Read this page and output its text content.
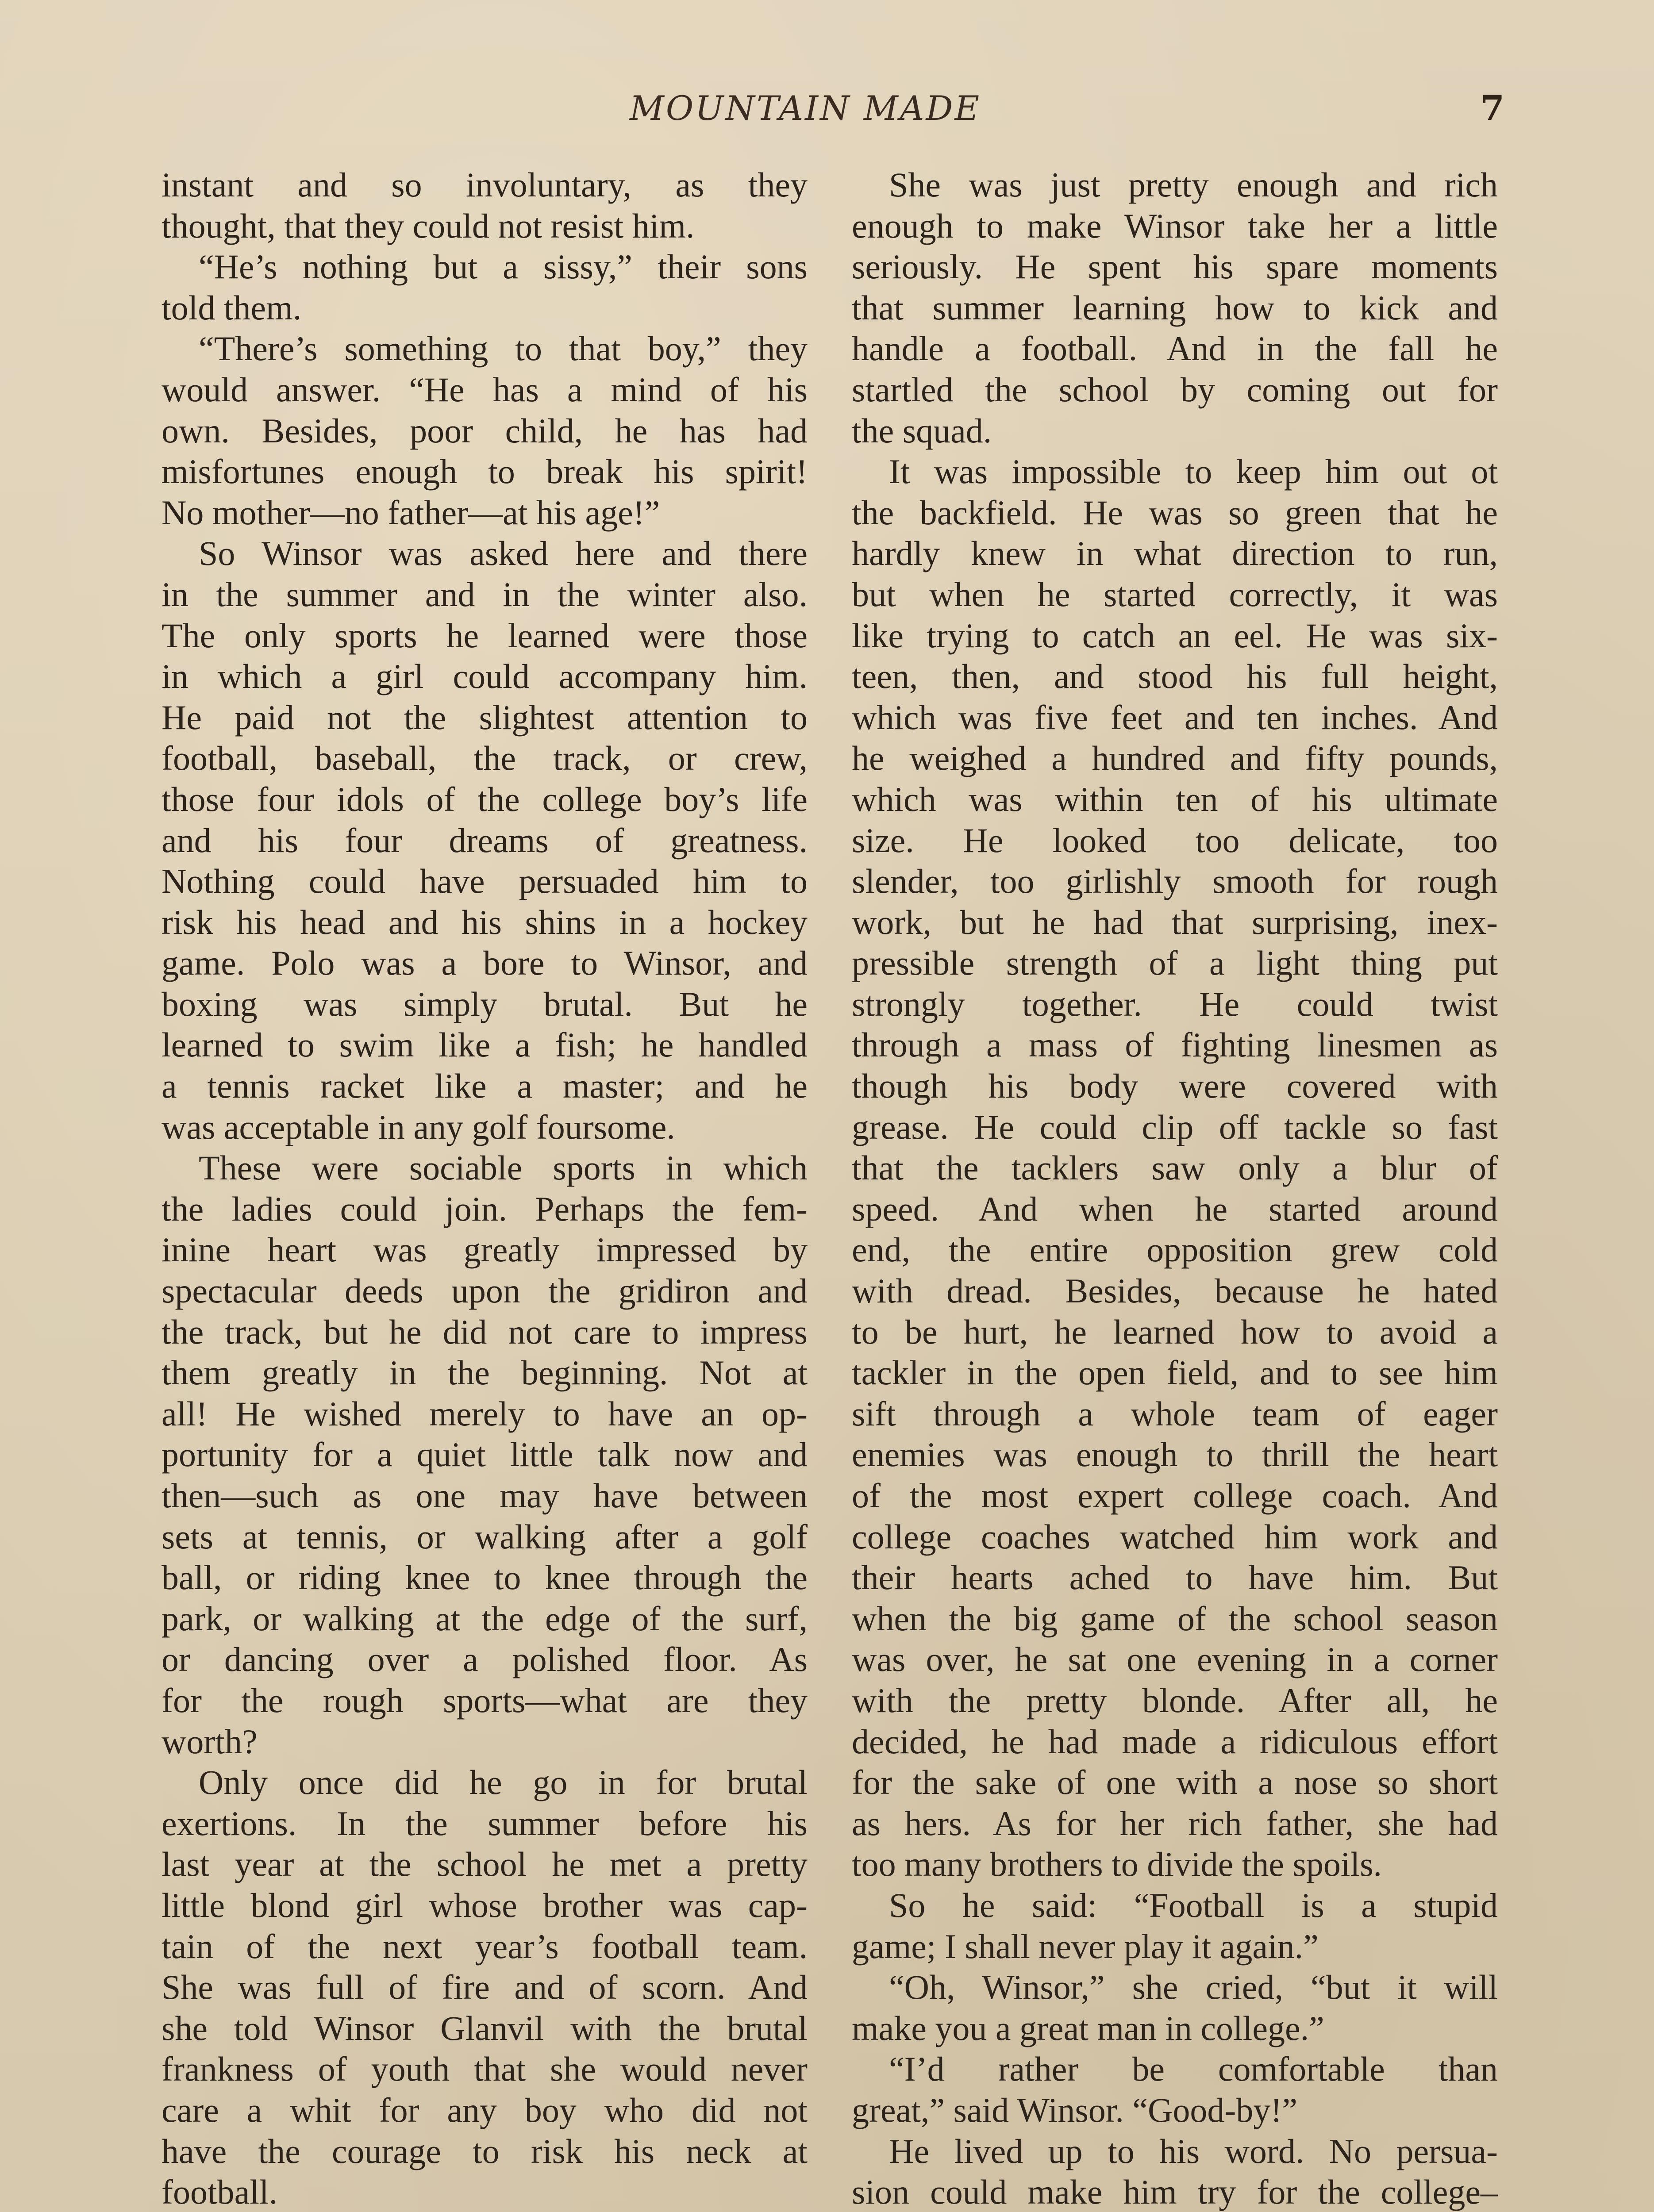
MOUNTAIN MADE	7
instant and so involuntary, as they
thought, that they could not resist him.
“He’s nothing but a sissy,” their sons
told them.
“There’s something to that boy,” they
would answer. “He has a mind of his
own. Besides, poor child, he has had
misfortunes enough to break his spirit!
No mother—no father—at his age!”
So Winsor was asked here and there
in the summer and in the winter also.
The only sports he learned were those
in which a girl could accompany him.
He paid not the slightest attention to
football, baseball, the track, or crew,
those four idols of the college boy’s life
and his four dreams of greatness.
Nothing could have persuaded him to
risk his head and his shins in a hockey
game. Polo was a bore to Winsor, and
boxing was simply brutal. But he
learned to swim like a fish; he handled
a tennis racket like a master; and he
was acceptable in any golf foursome.
These were sociable sports in which
the ladies could join. Perhaps the fem-
inine heart was greatly impressed by
spectacular deeds upon the gridiron and
the track, but he did not care to impress
them greatly in the beginning. Not at
all! He wished merely to have an op-
portunity for a quiet little talk now and
then—such as one may have between
sets at tennis, or walking after a golf
ball, or riding knee to knee through the
park, or walking at the edge of the surf,
or dancing over a polished floor. As
for the rough sports—what are they
worth?
Only once did he go in for brutal
exertions. In the summer before his
last year at the school he met a pretty
little blond girl whose brother was cap-
tain of the next year’s football team.
She was full of fire and of scorn. And
she told Winsor Glanvil with the brutal
frankness of youth that she would never
care a whit for any boy who did not
have the courage to risk his neck at
football.
She was just pretty enough and rich
enough to make Winsor take her a little
seriously. He spent his spare moments
that summer learning how to kick and
handle a football. And in the fall he
startled the school by coming out for
the squad.
It was impossible to keep him out ot
the backfield. He was so green that he
hardly knew in what direction to run,
but when he started correctly, it was
like trying to catch an eel. He was six-
teen, then, and stood his full height,
which was five feet and ten inches. And
he weighed a hundred and fifty pounds,
which was within ten of his ultimate
size. He looked too delicate, too
slender, too girlishly smooth for rough
work, but he had that surprising, inex-
pressible strength of a light thing put
strongly together. He could twist
through a mass of fighting linesmen as
though his body were covered with
grease. He could clip off tackle so fast
that the tacklers saw only a blur of
speed. And when he started around
end, the entire opposition grew cold
with dread. Besides, because he hated
to be hurt, he learned how to avoid a
tackler in the open field, and to see him
sift through a whole team of eager
enemies was enough to thrill the heart
of the most expert college coach. And
college coaches watched him work and
their hearts ached to have him. But
when the big game of the school season
was over, he sat one evening in a corner
with the pretty blonde. After all, he
decided, he had made a ridiculous effort
for the sake of one with a nose so short
as hers. As for her rich father, she had
too many brothers to divide the spoils.
So he said: “Football is a stupid
game; I shall never play it again.”
“Oh, Winsor,” she cried, “but it will
make you a great man in college.”
“I’d rather be comfortable than
great,” said Winsor. “Good-by!”
He lived up to his word. No persua-
sion could make him try for the college–
